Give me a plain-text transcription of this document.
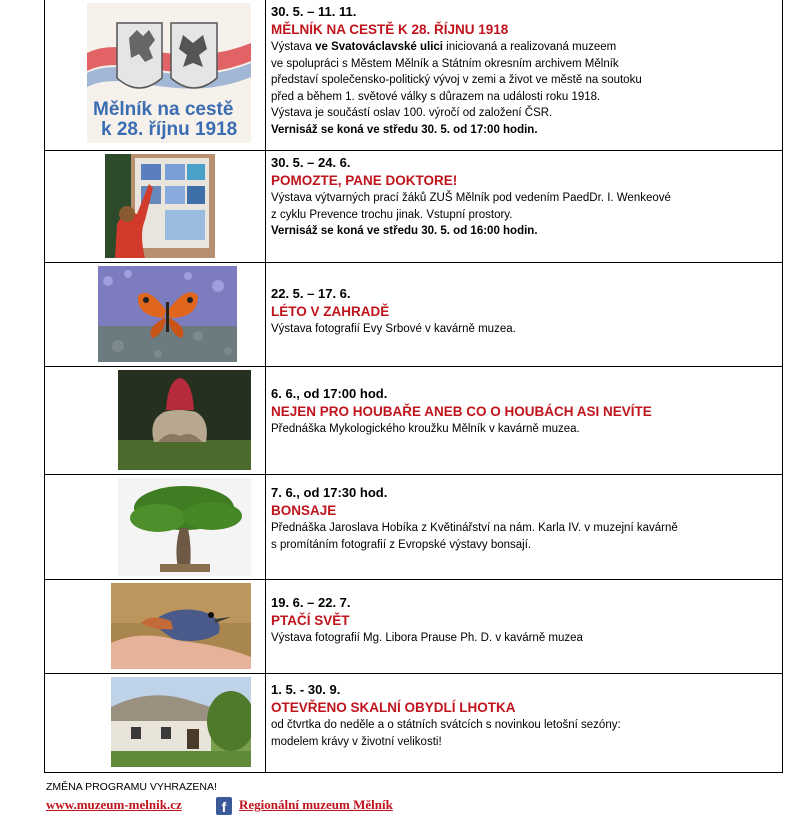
Mělník na cestě
k 28. říjnu 1918
30. 5. – 11. 11.
MĚLNÍK NA CESTĚ K 28. ŘÍJNU 1918
Výstava ve Svatováclavské ulici iniciovaná a realizovaná muzeem
ve spolupráci s Městem Mělník a Státním okresním archivem Mělník
představí společensko-politický vývoj v zemi a život ve městě na soutoku
před a během 1. světové války s důrazem na události roku 1918.
Výstava je součástí oslav 100. výročí od založení ČSR.
Vernisáž se koná ve středu 30. 5. od 17:00 hodin.
30. 5. – 24. 6.
POMOZTE, PANE DOKTORE!
Výstava výtvarných prací žáků ZUŠ Mělník pod vedením PaedDr. I. Wenkeové
z cyklu Prevence trochu jinak. Vstupní prostory.
Vernisáž se koná ve středu 30. 5. od 16:00 hodin.
22. 5. – 17. 6.
LÉTO V ZAHRADĚ
Výstava fotografií Evy Srbové v kavárně muzea.
6. 6., od 17:00 hod.
NEJEN PRO HOUBAŘE ANEB CO O HOUBÁCH ASI NEVÍTE
Přednáška Mykologického kroužku Mělník v kavárně muzea.
7. 6., od 17:30 hod.
BONSAJE
Přednáška Jaroslava Hobíka z Květinářství na nám. Karla IV. v muzejní kavárně
s promítáním fotografií z Evropské výstavy bonsají.
19. 6. – 22. 7.
PTAČÍ SVĚT
Výstava fotografií Mg. Libora Prause Ph. D. v kavárně muzea
1. 5. - 30. 9.
OTEVŘENO SKALNÍ OBYDLÍ LHOTKA
od čtvrtka do neděle a o státních svátcích s novinkou letošní sezóny:
modelem krávy v životní velikosti!
ZMĚNA PROGRAMU VYHRAZENA!
www.muzeum-melnik.cz	f Regionální muzeum Mělník
